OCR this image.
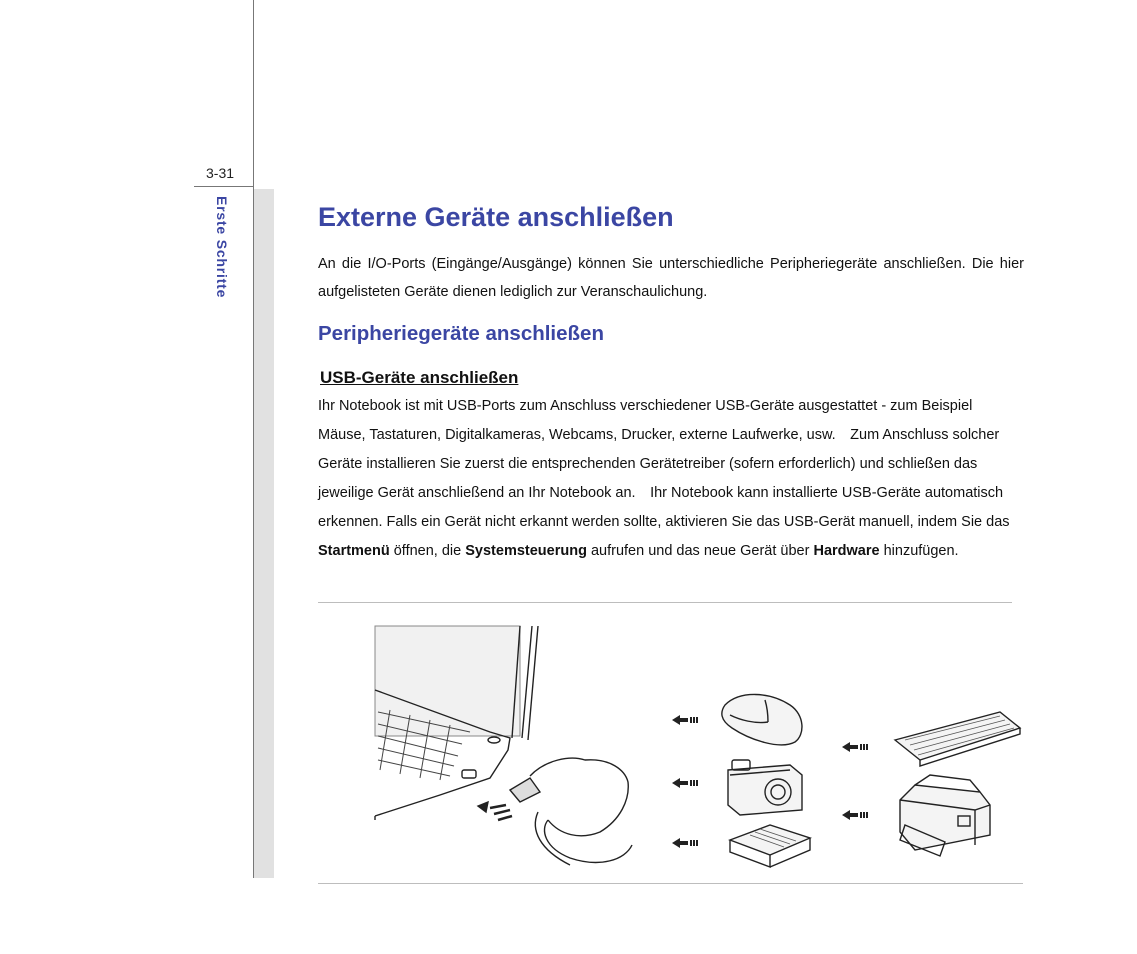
3-31
Erste Schritte	Externe Geräte anschließen
An die I/O-Ports (Eingänge/Ausgänge) können Sie unterschiedliche Peripheriegeräte anschließen. Die hier aufgelisteten Geräte dienen lediglich zur Veranschaulichung.
Peripheriegeräte anschließen
USB-Geräte anschließen
Ihr Notebook ist mit USB-Ports zum Anschluss verschiedener USB-Geräte ausgestattet - zum Beispiel Mäuse, Tastaturen, Digitalkameras, Webcams, Drucker, externe Laufwerke, usw.　Zum Anschluss solcher Geräte installieren Sie zuerst die entsprechenden Gerätetreiber (sofern erforderlich) und schließen das jeweilige Gerät anschließend an Ihr Notebook an.　Ihr Notebook kann installierte USB-Geräte automatisch erkennen. Falls ein Gerät nicht erkannt werden sollte, aktivieren Sie das USB-Gerät manuell, indem Sie das Startmenü öffnen, die Systemsteuerung aufrufen und das neue Gerät über Hardware hinzufügen.
